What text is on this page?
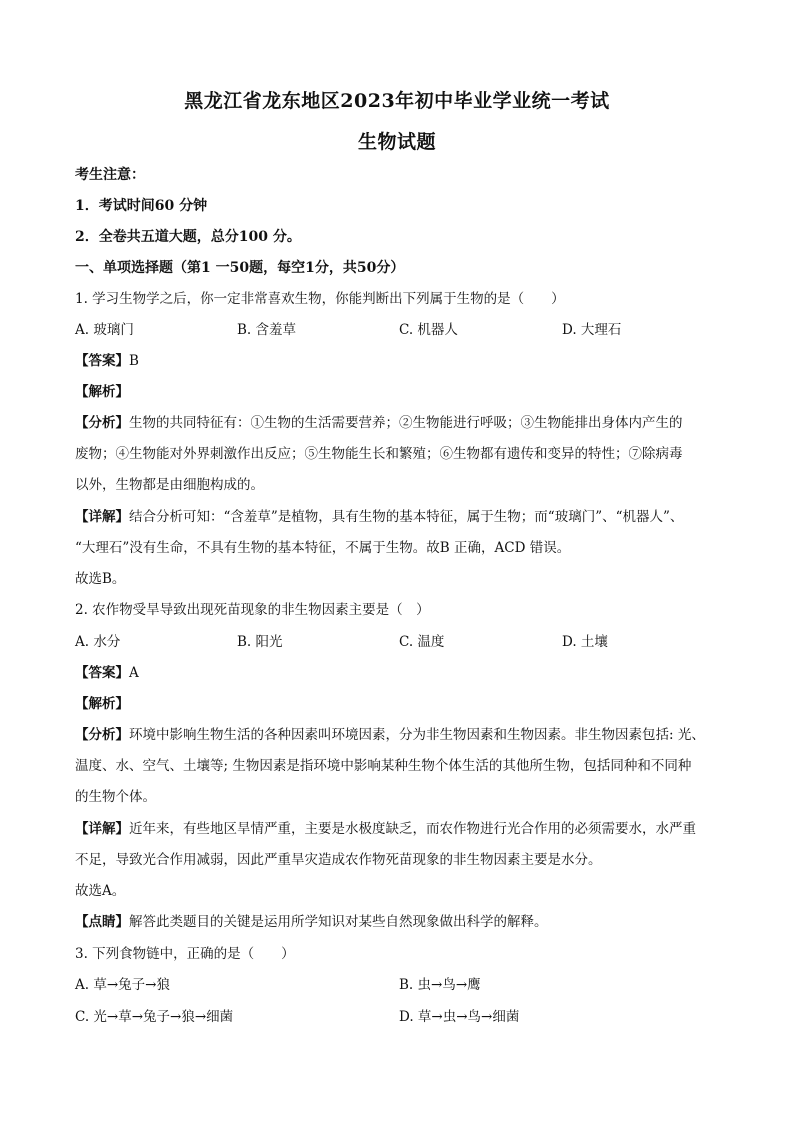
黑龙江省龙东地区2023年初中毕业学业统一考试
生物试题
考生注意：
1．考试时间60 分钟
2．全卷共五道大题，总分100 分。
一、单项选择题（第1 一50题，每空1分，共50分）
1. 学习生物学之后，你一定非常喜欢生物，你能判断出下列属于生物的是（　　）
A. 玻璃门	B. 含羞草	C. 机器人	D. 大理石
【答案】B
【解析】
【分析】生物的共同特征有：①生物的生活需要营养；②生物能进行呼吸；③生物能排出身体内产生的
废物；④生物能对外界刺激作出反应；⑤生物能生长和繁殖；⑥生物都有遗传和变异的特性；⑦除病毒
以外，生物都是由细胞构成的。
【详解】结合分析可知：“含羞草”是植物，具有生物的基本特征，属于生物；而“玻璃门”、“机器人”、
“大理石”没有生命，不具有生物的基本特征，不属于生物。故B 正确，ACD 错误。
故选B。
2. 农作物受旱导致出现死苗现象的非生物因素主要是（　）
A. 水分	B. 阳光	C. 温度	D. 土壤
【答案】A
【解析】
【分析】环境中影响生物生活的各种因素叫环境因素，分为非生物因素和生物因素。非生物因素包括: 光、
温度、水、空气、土壤等; 生物因素是指环境中影响某种生物个体生活的其他所生物，包括同种和不同种
的生物个体。
【详解】近年来，有些地区旱情严重，主要是水极度缺乏，而农作物进行光合作用的必须需要水，水严重
不足，导致光合作用减弱，因此严重旱灾造成农作物死苗现象的非生物因素主要是水分。
故选A。
【点睛】解答此类题目的关键是运用所学知识对某些自然现象做出科学的解释。
3. 下列食物链中，正确的是（　　）
A. 草→兔子→狼	B. 虫→鸟→鹰
C. 光→草→兔子→狼→细菌	D. 草→虫→鸟→细菌
